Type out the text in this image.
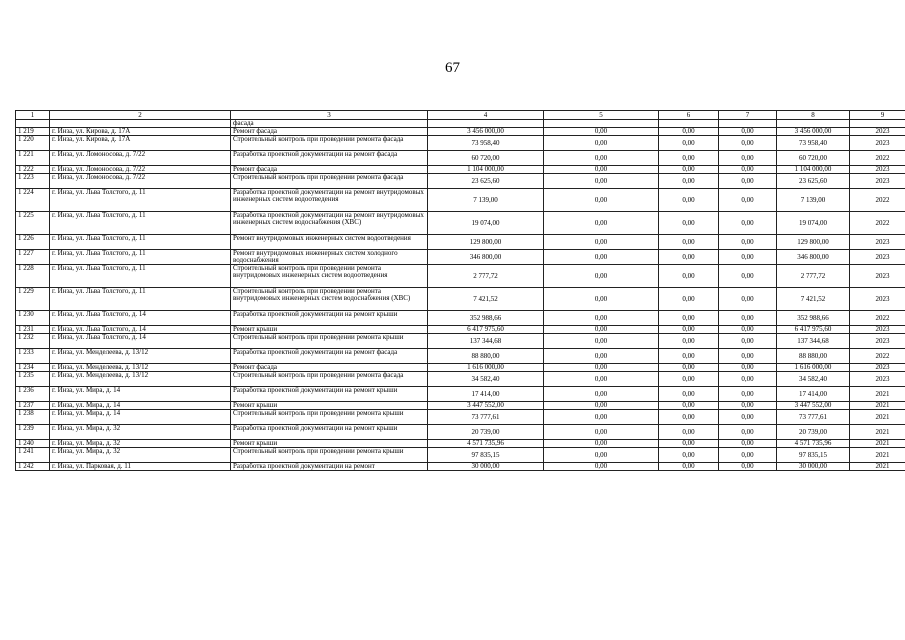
67
1	2	3	4	5	6	7	8	9
		фасада						
1 219	г. Инза, ул. Кирова, д. 17А	Ремонт фасада	3 456 000,00	0,00	0,00	0,00	3 456 000,00	2023
1 220	г. Инза, ул. Кирова, д. 17А	Строительный контроль при проведении ремонта фасада	73 958,40	0,00	0,00	0,00	73 958,40	2023
1 221	г. Инза, ул. Ломоносова, д. 7/22	Разработка проектной документации на ремонт фасада	60 720,00	0,00	0,00	0,00	60 720,00	2022
1 222	г. Инза, ул. Ломоносова, д. 7/22	Ремонт фасада	1 104 000,00	0,00	0,00	0,00	1 104 000,00	2023
1 223	г. Инза, ул. Ломоносова, д. 7/22	Строительный контроль при проведении ремонта фасада	23 625,60	0,00	0,00	0,00	23 625,60	2023
1 224	г. Инза, ул. Льва Толстого, д. 11	Разработка проектной документации на ремонт внутридомовых инженерных систем водоотведения	7 139,00	0,00	0,00	0,00	7 139,00	2022
1 225	г. Инза, ул. Льва Толстого, д. 11	Разработка проектной документации на ремонт внутридомовых инженерных систем водоснабжения (ХВС)	19 074,00	0,00	0,00	0,00	19 074,00	2022
1 226	г. Инза, ул. Льва Толстого, д. 11	Ремонт внутридомовых инженерных систем водоотведения	129 800,00	0,00	0,00	0,00	129 800,00	2023
1 227	г. Инза, ул. Льва Толстого, д. 11	Ремонт внутридомовых инженерных систем холодного водоснабжения	346 800,00	0,00	0,00	0,00	346 800,00	2023
1 228	г. Инза, ул. Льва Толстого, д. 11	Строительный контроль при проведении ремонта внутридомовых инженерных систем водоотведения	2 777,72	0,00	0,00	0,00	2 777,72	2023
1 229	г. Инза, ул. Льва Толстого, д. 11	Строительный контроль при проведении ремонта внутридомовых инженерных систем водоснабжения (ХВС)	7 421,52	0,00	0,00	0,00	7 421,52	2023
1 230	г. Инза, ул. Льва Толстого, д. 14	Разработка проектной документации на ремонт крыши	352 988,66	0,00	0,00	0,00	352 988,66	2022
1 231	г. Инза, ул. Льва Толстого, д. 14	Ремонт крыши	6 417 975,60	0,00	0,00	0,00	6 417 975,60	2023
1 232	г. Инза, ул. Льва Толстого, д. 14	Строительный контроль при проведении ремонта крыши	137 344,68	0,00	0,00	0,00	137 344,68	2023
1 233	г. Инза, ул. Менделеева, д. 13/12	Разработка проектной документации на ремонт фасада	88 880,00	0,00	0,00	0,00	88 880,00	2022
1 234	г. Инза, ул. Менделеева, д. 13/12	Ремонт фасада	1 616 000,00	0,00	0,00	0,00	1 616 000,00	2023
1 235	г. Инза, ул. Менделеева, д. 13/12	Строительный контроль при проведении ремонта фасада	34 582,40	0,00	0,00	0,00	34 582,40	2023
1 236	г. Инза, ул. Мира, д. 14	Разработка проектной документации на ремонт крыши	17 414,00	0,00	0,00	0,00	17 414,00	2021
1 237	г. Инза, ул. Мира, д. 14	Ремонт крыши	3 447 552,00	0,00	0,00	0,00	3 447 552,00	2021
1 238	г. Инза, ул. Мира, д. 14	Строительный контроль при проведении ремонта крыши	73 777,61	0,00	0,00	0,00	73 777,61	2021
1 239	г. Инза, ул. Мира, д. 32	Разработка проектной документации на ремонт крыши	20 739,00	0,00	0,00	0,00	20 739,00	2021
1 240	г. Инза, ул. Мира, д. 32	Ремонт крыши	4 571 735,96	0,00	0,00	0,00	4 571 735,96	2021
1 241	г. Инза, ул. Мира, д. 32	Строительный контроль при проведении ремонта крыши	97 835,15	0,00	0,00	0,00	97 835,15	2021
1 242	г. Инза, ул. Парковая, д. 11	Разработка проектной документации на ремонт	30 000,00	0,00	0,00	0,00	30 000,00	2021
